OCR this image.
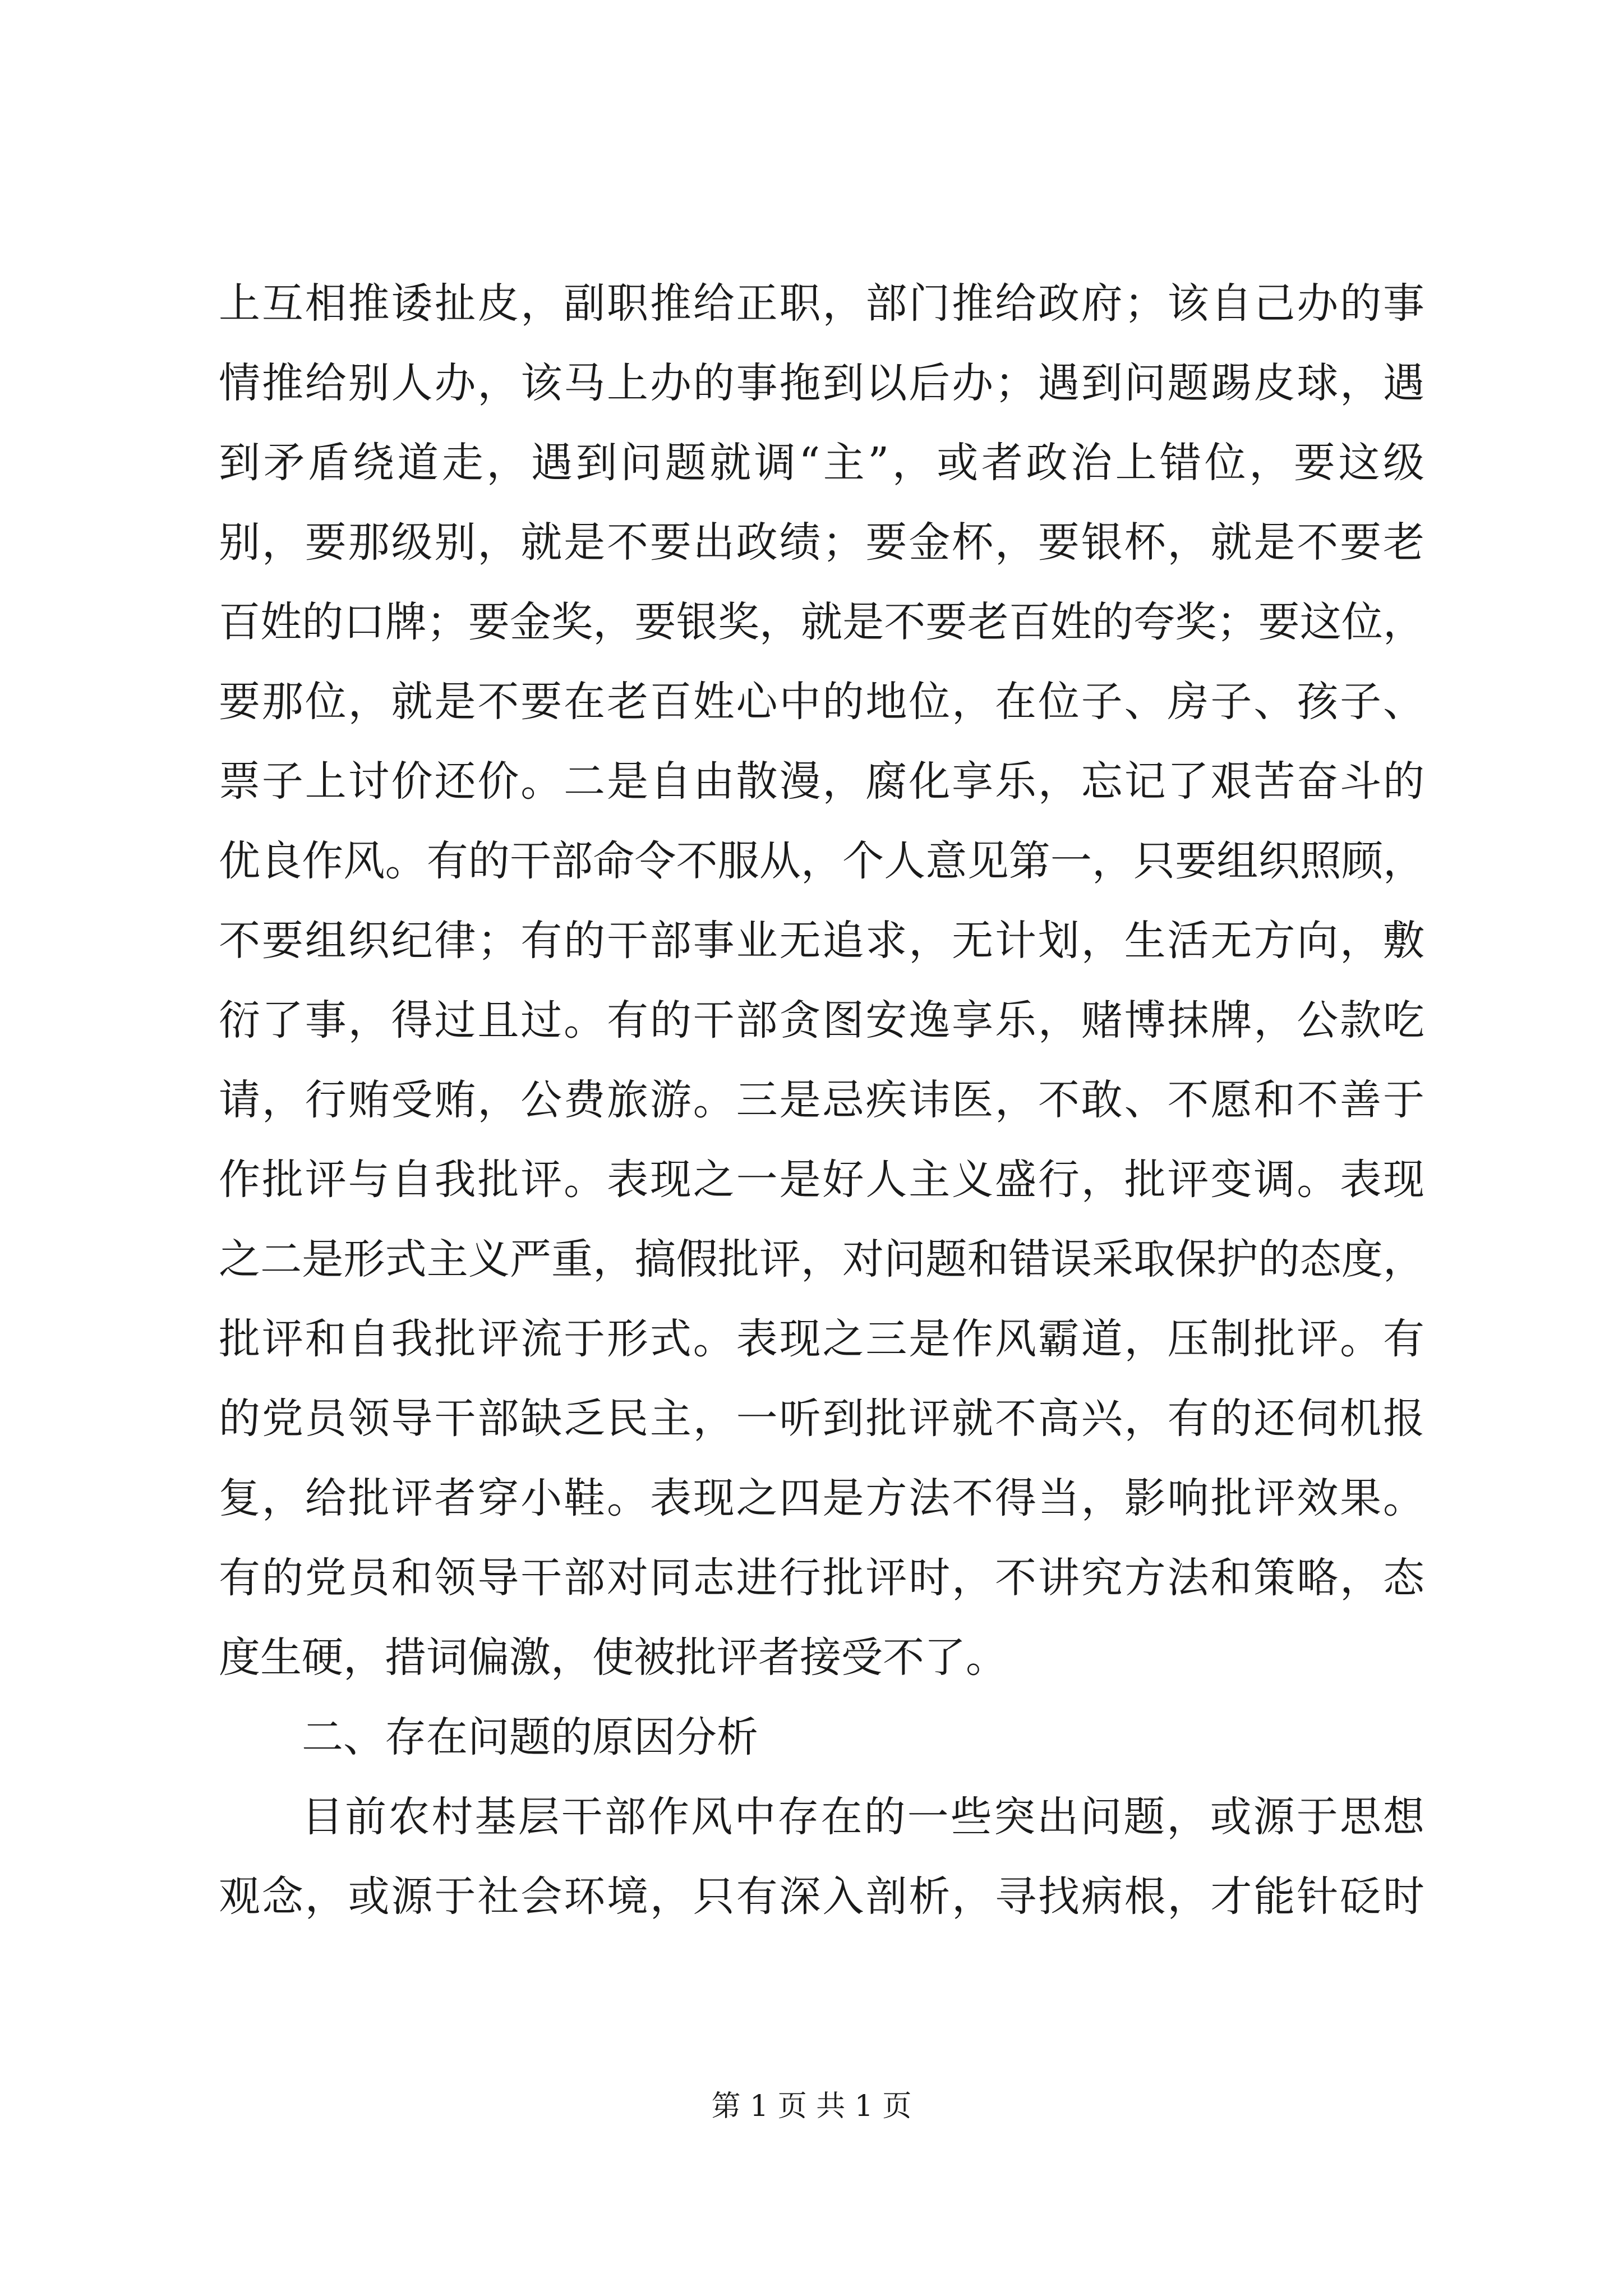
上互相推诿扯皮，副职推给正职，部门推给政府；该自己办的事
情推给别人办，该马上办的事拖到以后办；遇到问题踢皮球，遇
到矛盾绕道走，遇到问题就调“主”，或者政治上错位，要这级
别，要那级别，就是不要出政绩；要金杯，要银杯，就是不要老
百姓的口牌；要金奖，要银奖，就是不要老百姓的夸奖；要这位，
要那位，就是不要在老百姓心中的地位，在位子、房子、孩子、
票子上讨价还价。二是自由散漫，腐化享乐，忘记了艰苦奋斗的
优良作风。有的干部命令不服从，个人意见第一，只要组织照顾，
不要组织纪律；有的干部事业无追求，无计划，生活无方向，敷
衍了事，得过且过。有的干部贪图安逸享乐，赌博抹牌，公款吃
请，行贿受贿，公费旅游。三是忌疾讳医，不敢、不愿和不善于
作批评与自我批评。表现之一是好人主义盛行，批评变调。表现
之二是形式主义严重，搞假批评，对问题和错误采取保护的态度，
批评和自我批评流于形式。表现之三是作风霸道，压制批评。有
的党员领导干部缺乏民主，一听到批评就不高兴，有的还伺机报
复，给批评者穿小鞋。表现之四是方法不得当，影响批评效果。
有的党员和领导干部对同志进行批评时，不讲究方法和策略，态
度生硬，措词偏激，使被批评者接受不了。
二、存在问题的原因分析
目前农村基层干部作风中存在的一些突出问题，或源于思想
观念，或源于社会环境，只有深入剖析，寻找病根，才能针砭时
第 1 页 共 1 页
